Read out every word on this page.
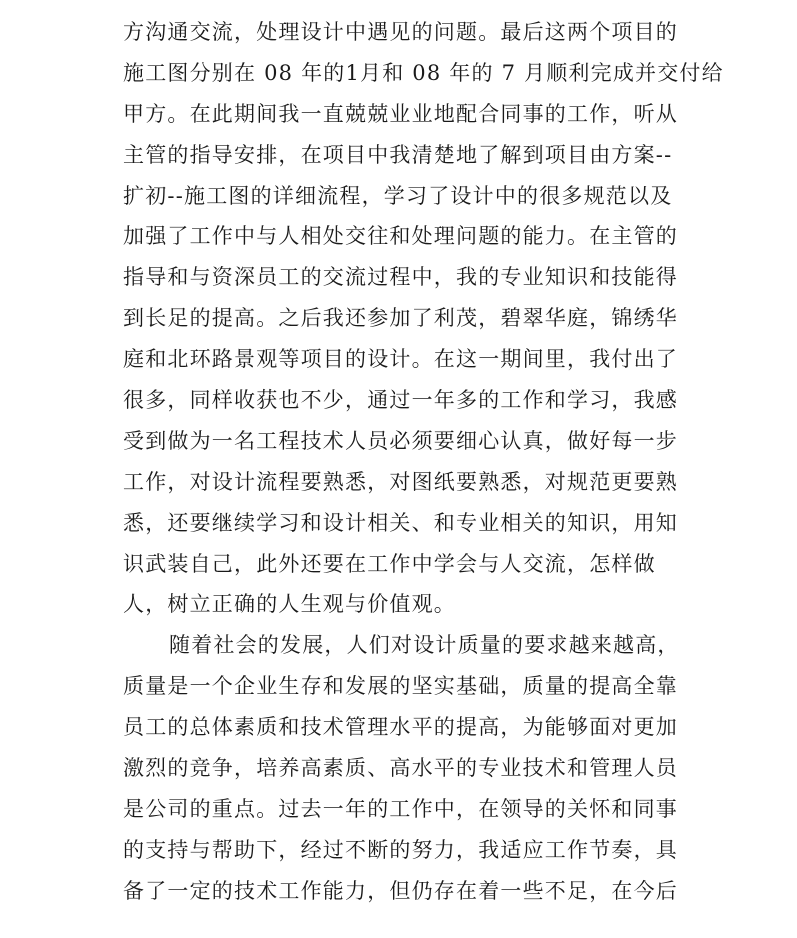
方沟通交流，处理设计中遇见的问题。最后这两个项目的
施工图分别在 08 年的1月和 08 年的 7 月顺利完成并交付给
甲方。在此期间我一直兢兢业业地配合同事的工作，听从
主管的指导安排，在项目中我清楚地了解到项目由方案--
扩初--施工图的详细流程，学习了设计中的很多规范以及
加强了工作中与人相处交往和处理问题的能力。在主管的
指导和与资深员工的交流过程中，我的专业知识和技能得
到长足的提高。之后我还参加了利茂，碧翠华庭，锦绣华
庭和北环路景观等项目的设计。在这一期间里，我付出了
很多，同样收获也不少，通过一年多的工作和学习，我感
受到做为一名工程技术人员必须要细心认真，做好每一步
工作，对设计流程要熟悉，对图纸要熟悉，对规范更要熟
悉，还要继续学习和设计相关、和专业相关的知识，用知
识武装自己，此外还要在工作中学会与人交流，怎样做
人，树立正确的人生观与价值观。
随着社会的发展，人们对设计质量的要求越来越高，
质量是一个企业生存和发展的坚实基础，质量的提高全靠
员工的总体素质和技术管理水平的提高，为能够面对更加
激烈的竞争，培养高素质、高水平的专业技术和管理人员
是公司的重点。过去一年的工作中，在领导的关怀和同事
的支持与帮助下，经过不断的努力，我适应工作节奏，具
备了一定的技术工作能力，但仍存在着一些不足，在今后
